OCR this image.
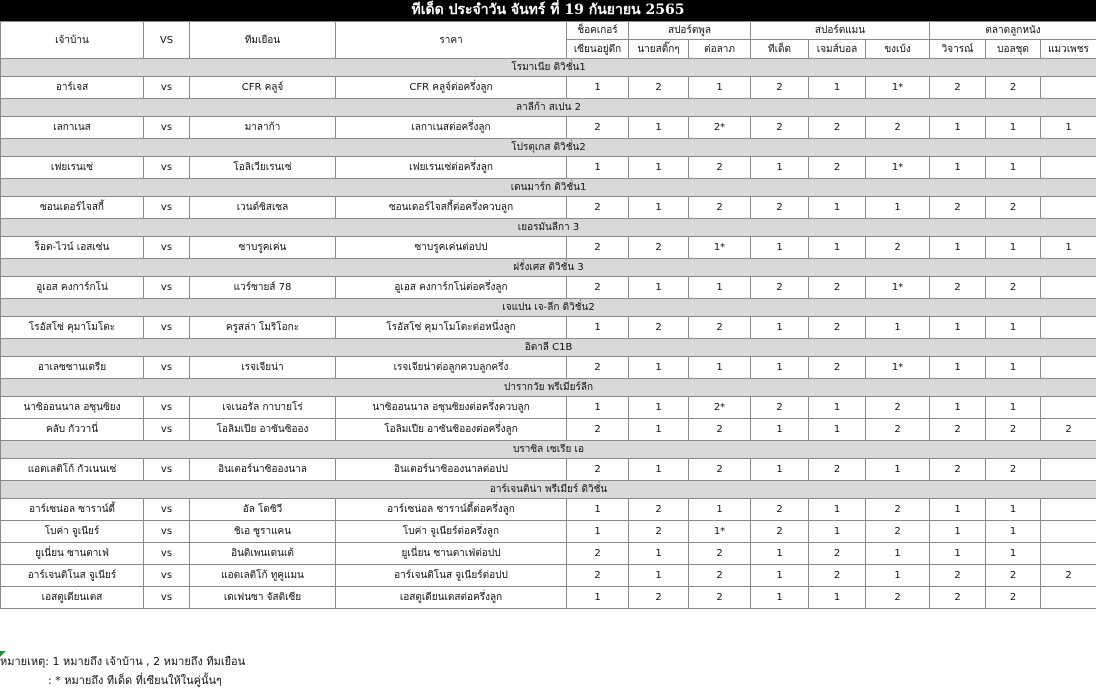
ทีเด็ด ประจำวัน จันทร์ ที่ 19 กันยายน 2565
เจ้าบ้าน	VS	ทีมเยือน	ราคา	ช็อคเกอร์	สปอร์ตพูล		สปอร์ตแมน			ตลาดลูกหนัง		
				เซียนอยู่ดึก	นายสติ๊กๆ	ต่อลาภ	ทีเด็ด	เจมส์บอล	ขงเบ้ง	วิจารณ์	บอลชุด	แมวเพชร
โรมาเนีย ดิวิชั่น1												
อาร์เจส	vs	CFR คลูจ์	CFR คลูจ์ต่อครึ่งลูก	1	2	1	2	1	1*	2	2	
ลาลีก้า สเปน 2												
เลกาเนส	vs	มาลาก้า	เลกาเนสต่อครึ่งลูก	2	1	2*	2	2	2	1	1	1
โปรตุเกส ดิวิชั่น2												
เฟยเรนเซ่	vs	โอลิเวียเรนเซ่	เฟยเรนเซ่ต่อครึ่งลูก	1	1	2	1	2	1*	1	1	
เดนมาร์ก ดิวิชั่น1												
ซอนเดอร์ไจสกี้	vs	เวนด์ซิสเซล	ซอนเดอร์ไจสกี้ต่อครึ่งควบลูก	2	1	2	2	1	1	2	2	
เยอรมันลีกา 3												
ร็อต-ไวน์ เอสเซ่น	vs	ซาบรูคเค่น	ซาบรูคเค่นต่อปป	2	2	1*	1	1	2	1	1	1
ฝรั่งเศส ดิวิชั่น 3												
อูเอส คงการ์กโน่	vs	แวร์ซายส์ 78	อูเอส คงการ์กโน่ต่อครึ่งลูก	2	1	1	2	2	1*	2	2	
เจแปน เจ-ลีก ดิวิชั่น2												
โรอัสโซ่ คุมาโมโตะ	vs	ครูสล่า โมริโอกะ	โรอัสโซ่ คุมาโมโตะต่อหนึ่งลูก	1	2	2	1	2	1	1	1	
อิตาลี C1B												
อาเลซซานเดรีย	vs	เรจเจียน่า	เรจเจียน่าต่อลูกควบลูกครึ่ง	2	1	1	1	2	1*	1	1	
ปารากวัย พรีเมียร์ลีก												
นาซิออนนาล อซุนซิยง	vs	เจเนอรัล กาบายโร่	นาซิออนนาล อซุนซิยงต่อครึ่งควบลูก	1	1	2*	2	1	2	1	1	
คลับ กัววานี่	vs	โอลิมเปีย อาซันซิออง	โอลิมเปีย อาซันซิอองต่อครึ่งลูก	2	1	2	1	1	2	2	2	2
บราซิล เซเรีย เอ												
แอตเลติโก้ กัวเนนเซ่	vs	อินเตอร์นาซิอองนาล	อินเตอร์นาซิอองนาลต่อปป	2	1	2	1	2	1	2	2	
อาร์เจนติน่า พรีเมียร์ ดิวิชั่น												
อาร์เซน่อล ซาราน์ดี้	vs	อัล โดซิวี	อาร์เซน่อล ซาราน์ดี้ต่อครึ่งลูก	1	2	1	2	1	2	1	1	
โบค่า จูเนียร์	vs	ชิเอ ซูราแคน	โบค่า จูเนียร์ต่อครึ่งลูก	1	2	1*	2	1	2	1	1	
ยูเนี่ยน ซานตาเฟ่	vs	อินดิเพนเดนเต้	ยูเนี่ยน ซานตาเฟ่ต่อปป	2	1	2	1	2	1	1	1	
อาร์เจนติโนส จูเนียร์	vs	แอตเลติโก้ ทูคูแมน	อาร์เจนติโนส จูเนียร์ต่อปป	2	1	2	1	2	1	2	2	2
เอสตูเดียนเตส	vs	เดเฟนซา จัสติเซีย	เอสตูเดียนเตสต่อครึ่งลูก	1	2	2	1	1	2	2	2	
หมายเหตุ: 1 หมายถึง เจ้าบ้าน , 2 หมายถึง ทีมเยือน
: * หมายถึง ทีเด็ด ที่เซียนให้ในคู่นั้นๆ
